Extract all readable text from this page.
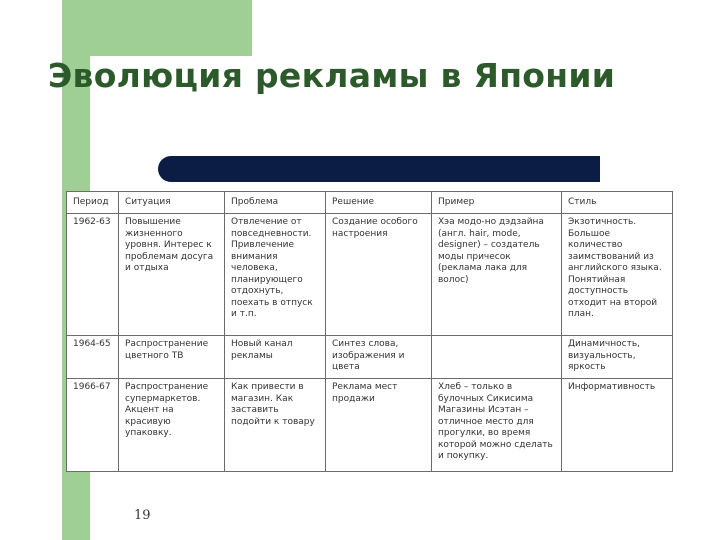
Эволюция рекламы в Японии
Период	Ситуация	Проблема	Решение	Пример	Стиль
1962-63	Повышение жизненного уровня. Интерес к проблемам досуга и отдыха	Отвлечение от повседневности. Привлечение внимания человека, планирующего отдохнуть, поехать в отпуск и т.п.	Создание особого настроения	Хэа модо-но дэдзайна (англ. hair, mode, designer) – создатель моды причесок (реклама лака для волос)	Экзотичность. Большое количество заимствований из английского языка. Понятийная доступность отходит на второй план.
1964-65	Распространение цветного ТВ	Новый канал рекламы	Синтез слова, изображения и цвета		Динамичность, визуальность, яркость
1966-67	Распространение супермаркетов. Акцент на красивую упаковку.	Как привести в магазин. Как заставить подойти к товару	Реклама мест продажи	Хлеб – только в булочных Сикисима Магазины Исэтан – отличное место для прогулки, во время которой можно сделать и покупку.	Информативность
19
